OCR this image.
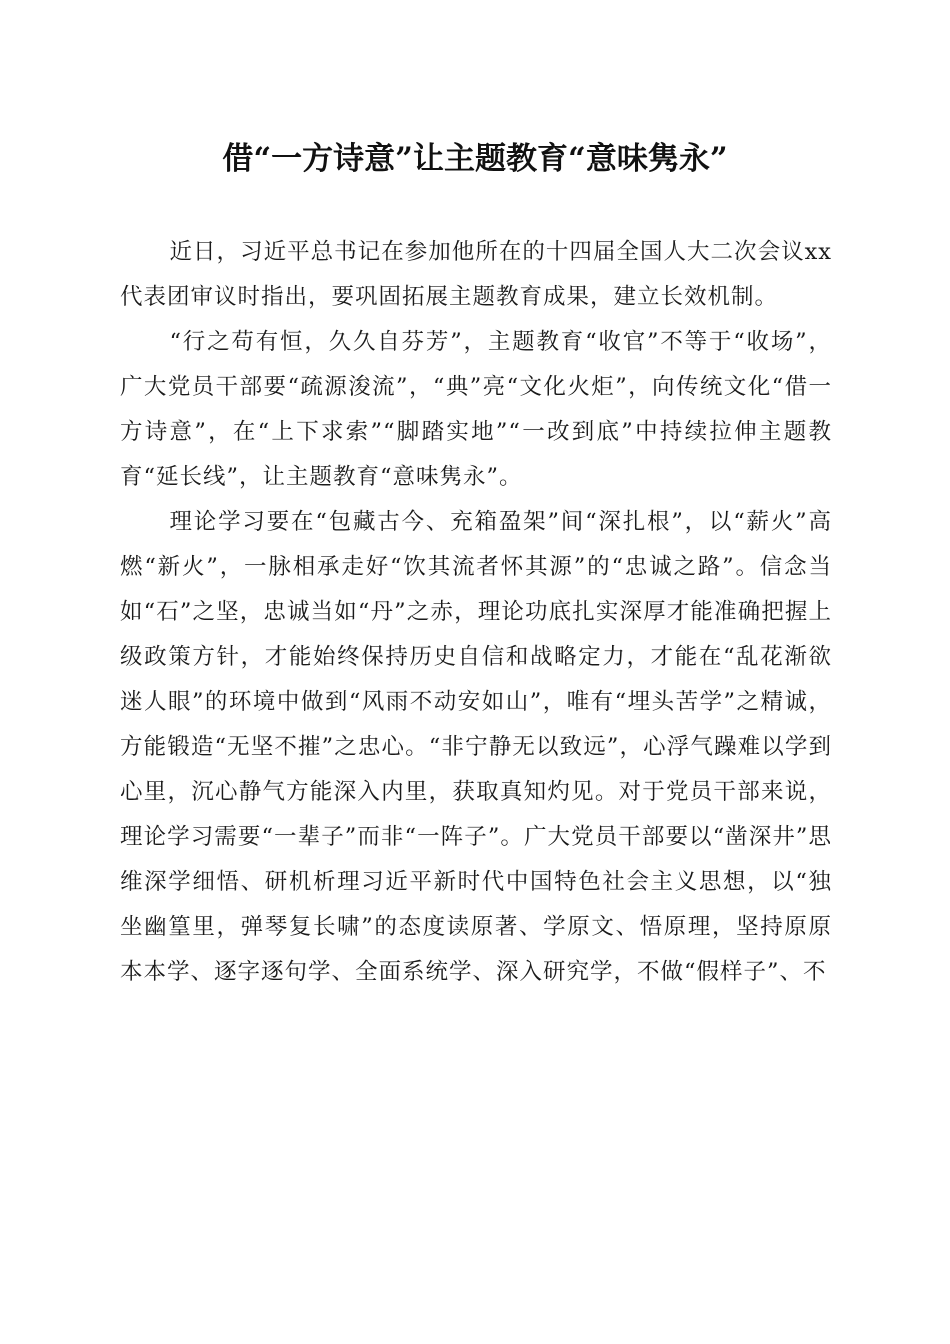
借“一方诗意”让主题教育“意味隽永”

近日，习近平总书记在参加他所在的十四届全国人大二次会议xx代表团审议时指出，要巩固拓展主题教育成果，建立长效机制。

“行之苟有恒，久久自芬芳”，主题教育“收官”不等于“收场”，广大党员干部要“疏源浚流”，“典”亮“文化火炬”，向传统文化“借一方诗意”，在“上下求索”“脚踏实地”“一改到底”中持续拉伸主题教育“延长线”，让主题教育“意味隽永”。

理论学习要在“包藏古今、充箱盈架”间“深扎根”，以“薪火”高燃“新火”，一脉相承走好“饮其流者怀其源”的“忠诚之路”。信念当如“石”之坚，忠诚当如“丹”之赤，理论功底扎实深厚才能准确把握上级政策方针，才能始终保持历史自信和战略定力，才能在“乱花渐欲迷人眼”的环境中做到“风雨不动安如山”，唯有“埋头苦学”之精诚，方能锻造“无坚不摧”之忠心。“非宁静无以致远”，心浮气躁难以学到心里，沉心静气方能深入内里，获取真知灼见。对于党员干部来说，理论学习需要“一辈子”而非“一阵子”。广大党员干部要以“凿深井”思维深学细悟、研机析理习近平新时代中国特色社会主义思想，以“独坐幽篁里，弹琴复长啸”的态度读原著、学原文、悟原理，坚持原原本本学、逐字逐句学、全面系统学、深入研究学，不做“假样子”、不
